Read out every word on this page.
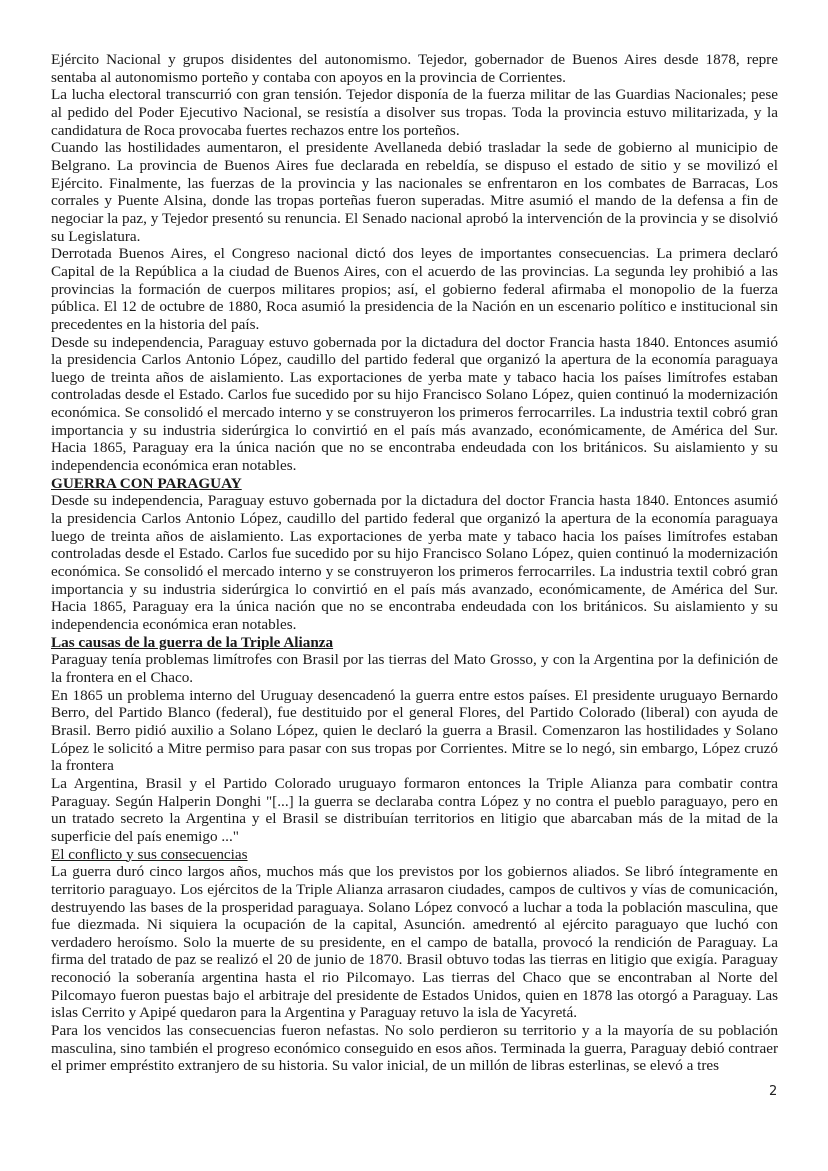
Ejército Nacional y grupos disidentes del autonomismo. Tejedor, gobernador de Buenos Aires desde 1878, repre sentaba al autonomismo porteño y contaba con apoyos en la provincia de Corrientes.

La lucha electoral transcurrió con gran tensión. Tejedor disponía de la fuerza militar de las Guardias Nacionales; pese al pedido del Poder Ejecutivo Nacional, se resistía a disolver sus tropas. Toda la provincia estuvo militarizada, y la candidatura de Roca provocaba fuertes rechazos entre los porteños.

Cuando las hostilidades aumentaron, el presidente Avellaneda debió trasladar la sede de gobierno al municipio de Belgrano. La provincia de Buenos Aires fue declarada en rebeldía, se dispuso el estado de sitio y se movilizó el Ejército. Finalmente, las fuerzas de la provincia y las nacionales se enfrentaron en los combates de Barracas, Los corrales y Puente Alsina, donde las tropas porteñas fueron superadas. Mitre asumió el mando de la defensa a fin de negociar la paz, y Tejedor presentó su renuncia. El Senado nacional aprobó la intervención de la provincia y se disolvió su Legislatura.

Derrotada Buenos Aires, el Congreso nacional dictó dos leyes de importantes consecuencias. La primera declaró Capital de la República a la ciudad de Buenos Aires, con el acuerdo de las provincias. La segunda ley prohibió a las provincias la formación de cuerpos militares propios; así, el gobierno federal afirmaba el monopolio de la fuerza pública. El 12 de octubre de 1880, Roca asumió la presidencia de la Nación en un escenario político e institucional sin precedentes en la historia del país.

Desde su independencia, Paraguay estuvo gobernada por la dictadura del doctor Francia hasta 1840. Entonces asumió la presidencia Carlos Antonio López, caudillo del partido federal que organizó la apertura de la economía paraguaya luego de treinta años de aislamiento. Las exportaciones de yerba mate y tabaco hacia los países limítrofes estaban controladas desde el Estado. Carlos fue sucedido por su hijo Francisco Solano López, quien continuó la modernización económica. Se consolidó el mercado interno y se construyeron los primeros ferrocarriles. La industria textil cobró gran importancia y su industria siderúrgica lo convirtió en el país más avanzado, económicamente, de América del Sur. Hacia 1865, Paraguay era la única nación que no se encontraba endeudada con los británicos. Su aislamiento y su independencia económica eran notables.

GUERRA CON PARAGUAY

Desde su independencia, Paraguay estuvo gobernada por la dictadura del doctor Francia hasta 1840. Entonces asumió la presidencia Carlos Antonio López, caudillo del partido federal que organizó la apertura de la economía paraguaya luego de treinta años de aislamiento. Las exportaciones de yerba mate y tabaco hacia los países limítrofes estaban controladas desde el Estado. Carlos fue sucedido por su hijo Francisco Solano López, quien continuó la modernización económica. Se consolidó el mercado interno y se construyeron los primeros ferrocarriles. La industria textil cobró gran importancia y su industria siderúrgica lo convirtió en el país más avanzado, económicamente, de América del Sur. Hacia 1865, Paraguay era la única nación que no se encontraba endeudada con los británicos. Su aislamiento y su independencia económica eran notables.

Las causas de la guerra de la Triple Alianza

Paraguay tenía problemas limítrofes con Brasil por las tierras del Mato Grosso, y con la Argentina por la definición de la frontera en el Chaco.

En 1865 un problema interno del Uruguay desencadenó la guerra entre estos países. El presidente uruguayo Bernardo Berro, del Partido Blanco (federal), fue destituido por el general Flores, del Partido Colorado (liberal) con ayuda de Brasil. Berro pidió auxilio a Solano López, quien le declaró la guerra a Brasil. Comenzaron las hostilidades y Solano López le solicitó a Mitre permiso para pasar con sus tropas por Corrientes. Mitre se lo negó, sin embargo, López cruzó la frontera

La Argentina, Brasil y el Partido Colorado uruguayo formaron entonces la Triple Alianza para combatir contra Paraguay. Según Halperin Donghi "[...] la guerra se declaraba contra López y no contra el pueblo paraguayo, pero en un tratado secreto la Argentina y el Brasil se distribuían territorios en litigio que abarcaban más de la mitad de la superficie del país enemigo ..."

El conflicto y sus consecuencias

La guerra duró cinco largos años, muchos más que los previstos por los gobiernos aliados. Se libró íntegramente en territorio paraguayo. Los ejércitos de la Triple Alianza arrasaron ciudades, campos de cultivos y vías de comunicación, destruyendo las bases de la prosperidad paraguaya. Solano López convocó a luchar a toda la población masculina, que fue diezmada. Ni siquiera la ocupación de la capital, Asunción. amedrentó al ejército paraguayo que luchó con verdadero heroísmo. Solo la muerte de su presidente, en el campo de batalla, provocó la rendición de Paraguay. La firma del tratado de paz se realizó el 20 de junio de 1870. Brasil obtuvo todas las tierras en litigio que exigía. Paraguay reconoció la soberanía argentina hasta el rio Pilcomayo. Las tierras del Chaco que se encontraban al Norte del Pilcomayo fueron puestas bajo el arbitraje del presidente de Estados Unidos, quien en 1878 las otorgó a Paraguay. Las islas Cerrito y Apipé quedaron para la Argentina y Paraguay retuvo la isla de Yacyretá.

Para los vencidos las consecuencias fueron nefastas. No solo perdieron su territorio y a la mayoría de su población masculina, sino también el progreso económico conseguido en esos años. Terminada la guerra, Paraguay debió contraer el primer empréstito extranjero de su historia. Su valor inicial, de un millón de libras esterlinas, se elevó a tres

2
